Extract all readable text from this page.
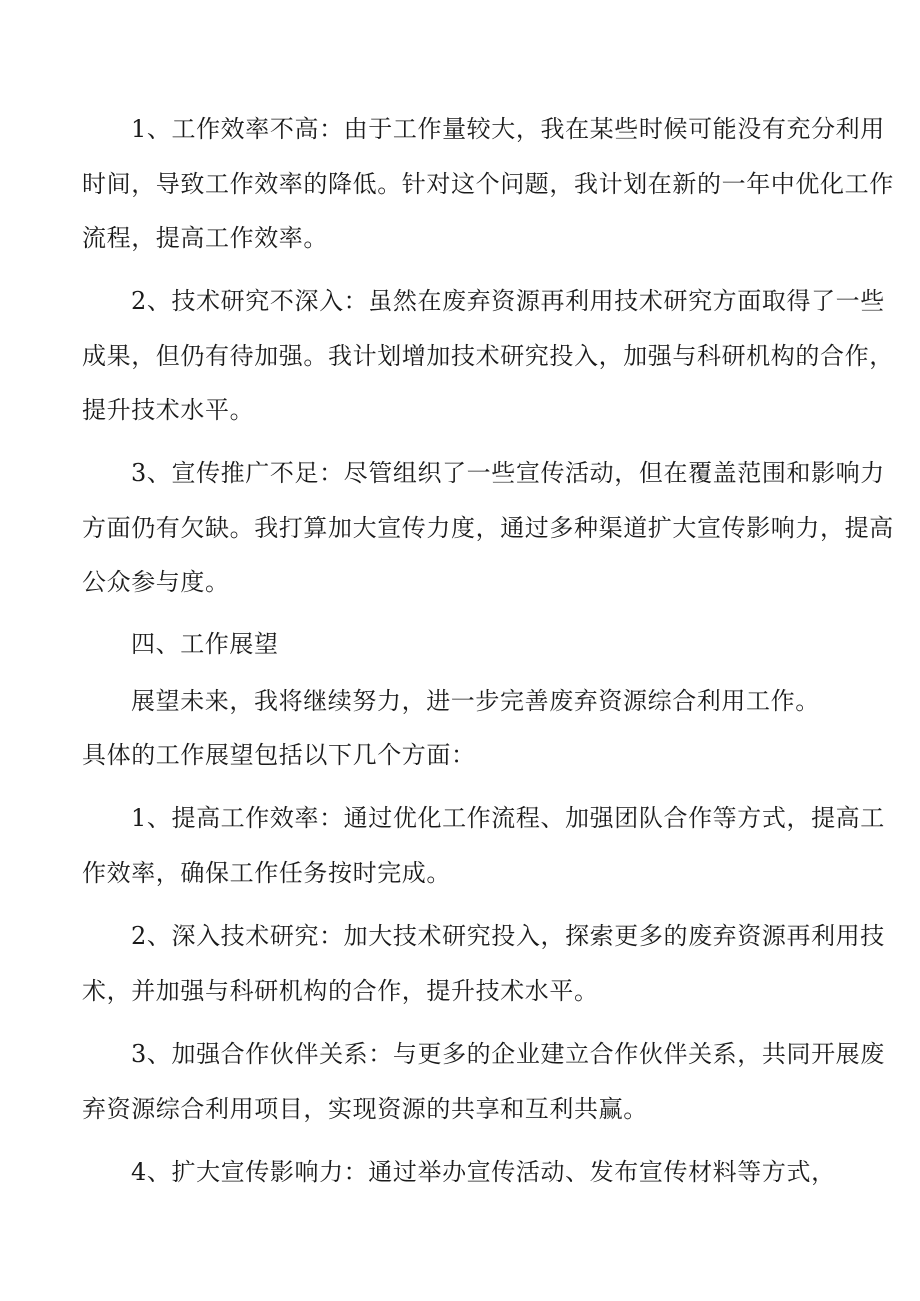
1、工作效率不高：由于工作量较大，我在某些时候可能没有充分利用
时间，导致工作效率的降低。针对这个问题，我计划在新的一年中优化工作
流程，提高工作效率。
2、技术研究不深入：虽然在废弃资源再利用技术研究方面取得了一些
成果，但仍有待加强。我计划增加技术研究投入，加强与科研机构的合作，
提升技术水平。
3、宣传推广不足：尽管组织了一些宣传活动，但在覆盖范围和影响力
方面仍有欠缺。我打算加大宣传力度，通过多种渠道扩大宣传影响力，提高
公众参与度。
四、工作展望
展望未来，我将继续努力，进一步完善废弃资源综合利用工作。
具体的工作展望包括以下几个方面：
1、提高工作效率：通过优化工作流程、加强团队合作等方式，提高工
作效率，确保工作任务按时完成。
2、深入技术研究：加大技术研究投入，探索更多的废弃资源再利用技
术，并加强与科研机构的合作，提升技术水平。
3、加强合作伙伴关系：与更多的企业建立合作伙伴关系，共同开展废
弃资源综合利用项目，实现资源的共享和互利共赢。
4、扩大宣传影响力：通过举办宣传活动、发布宣传材料等方式，
